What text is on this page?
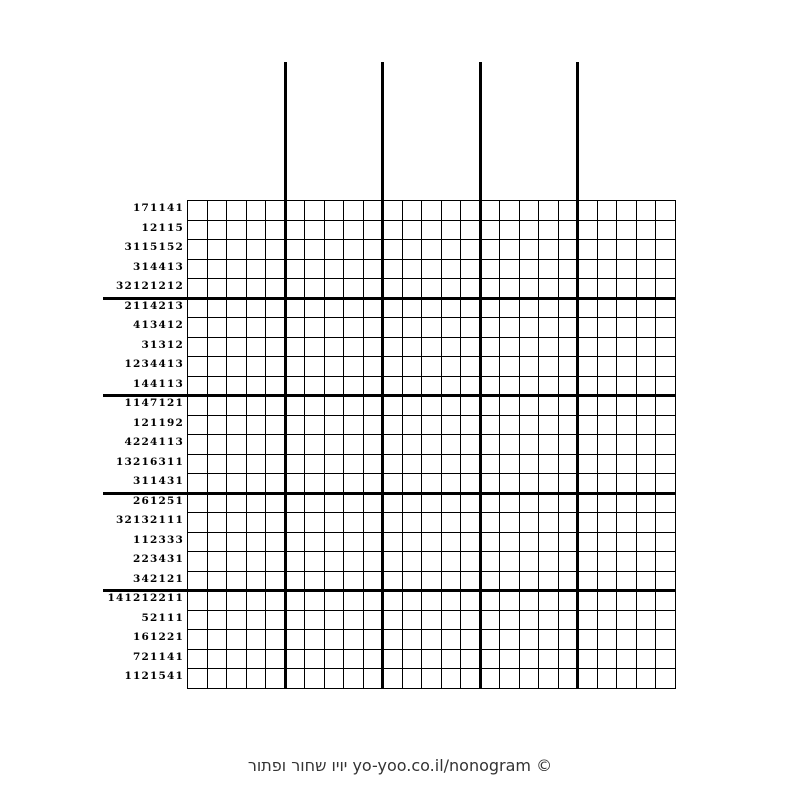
171141
12115
3115152
314413
32121212
2114213
413412
31312
1234413
144113
1147121
121192
4224113
13216311
311431
261251
32132111
112333
223431
342121
141212211
52111
161221
721141
1121541
יויו שחור ופתור yo-yoo.co.il/nonogram ©
